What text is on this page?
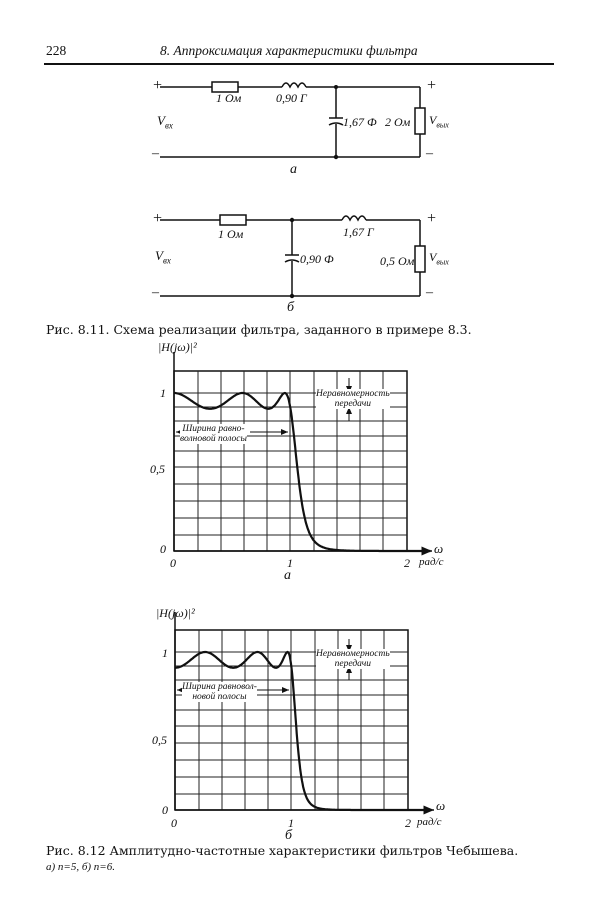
228	8. Аппроксимация характеристики фильтра
+
–
+
–
1 Ом	0,90 Г
1,67 Ф 2 Ом
$V_{вх}$	$V_{вых}$
а
+
–
+
–
1 Ом	1,67 Г
0,90 Ф	0,5 Ом
$V_{вх}$	$V_{вых}$
б
Рис. 8.11. Схема реализации фильтра, заданного в примере 8.3.
|H(jω)|²
1
0,5
0
0	1	2
ω
рад/с
Неравномерность
передачи
Ширина равно-
волновой полосы
а
|H(jω)|²
1
0,5
0
0	1	2
ω
рад/с
Неравномерность
передачи
Ширина равновол-
новой полосы
б
Рис. 8.12 Амплитудно-частотные характеристики фильтров Чебышева.
а) n=5, б) n=6.
